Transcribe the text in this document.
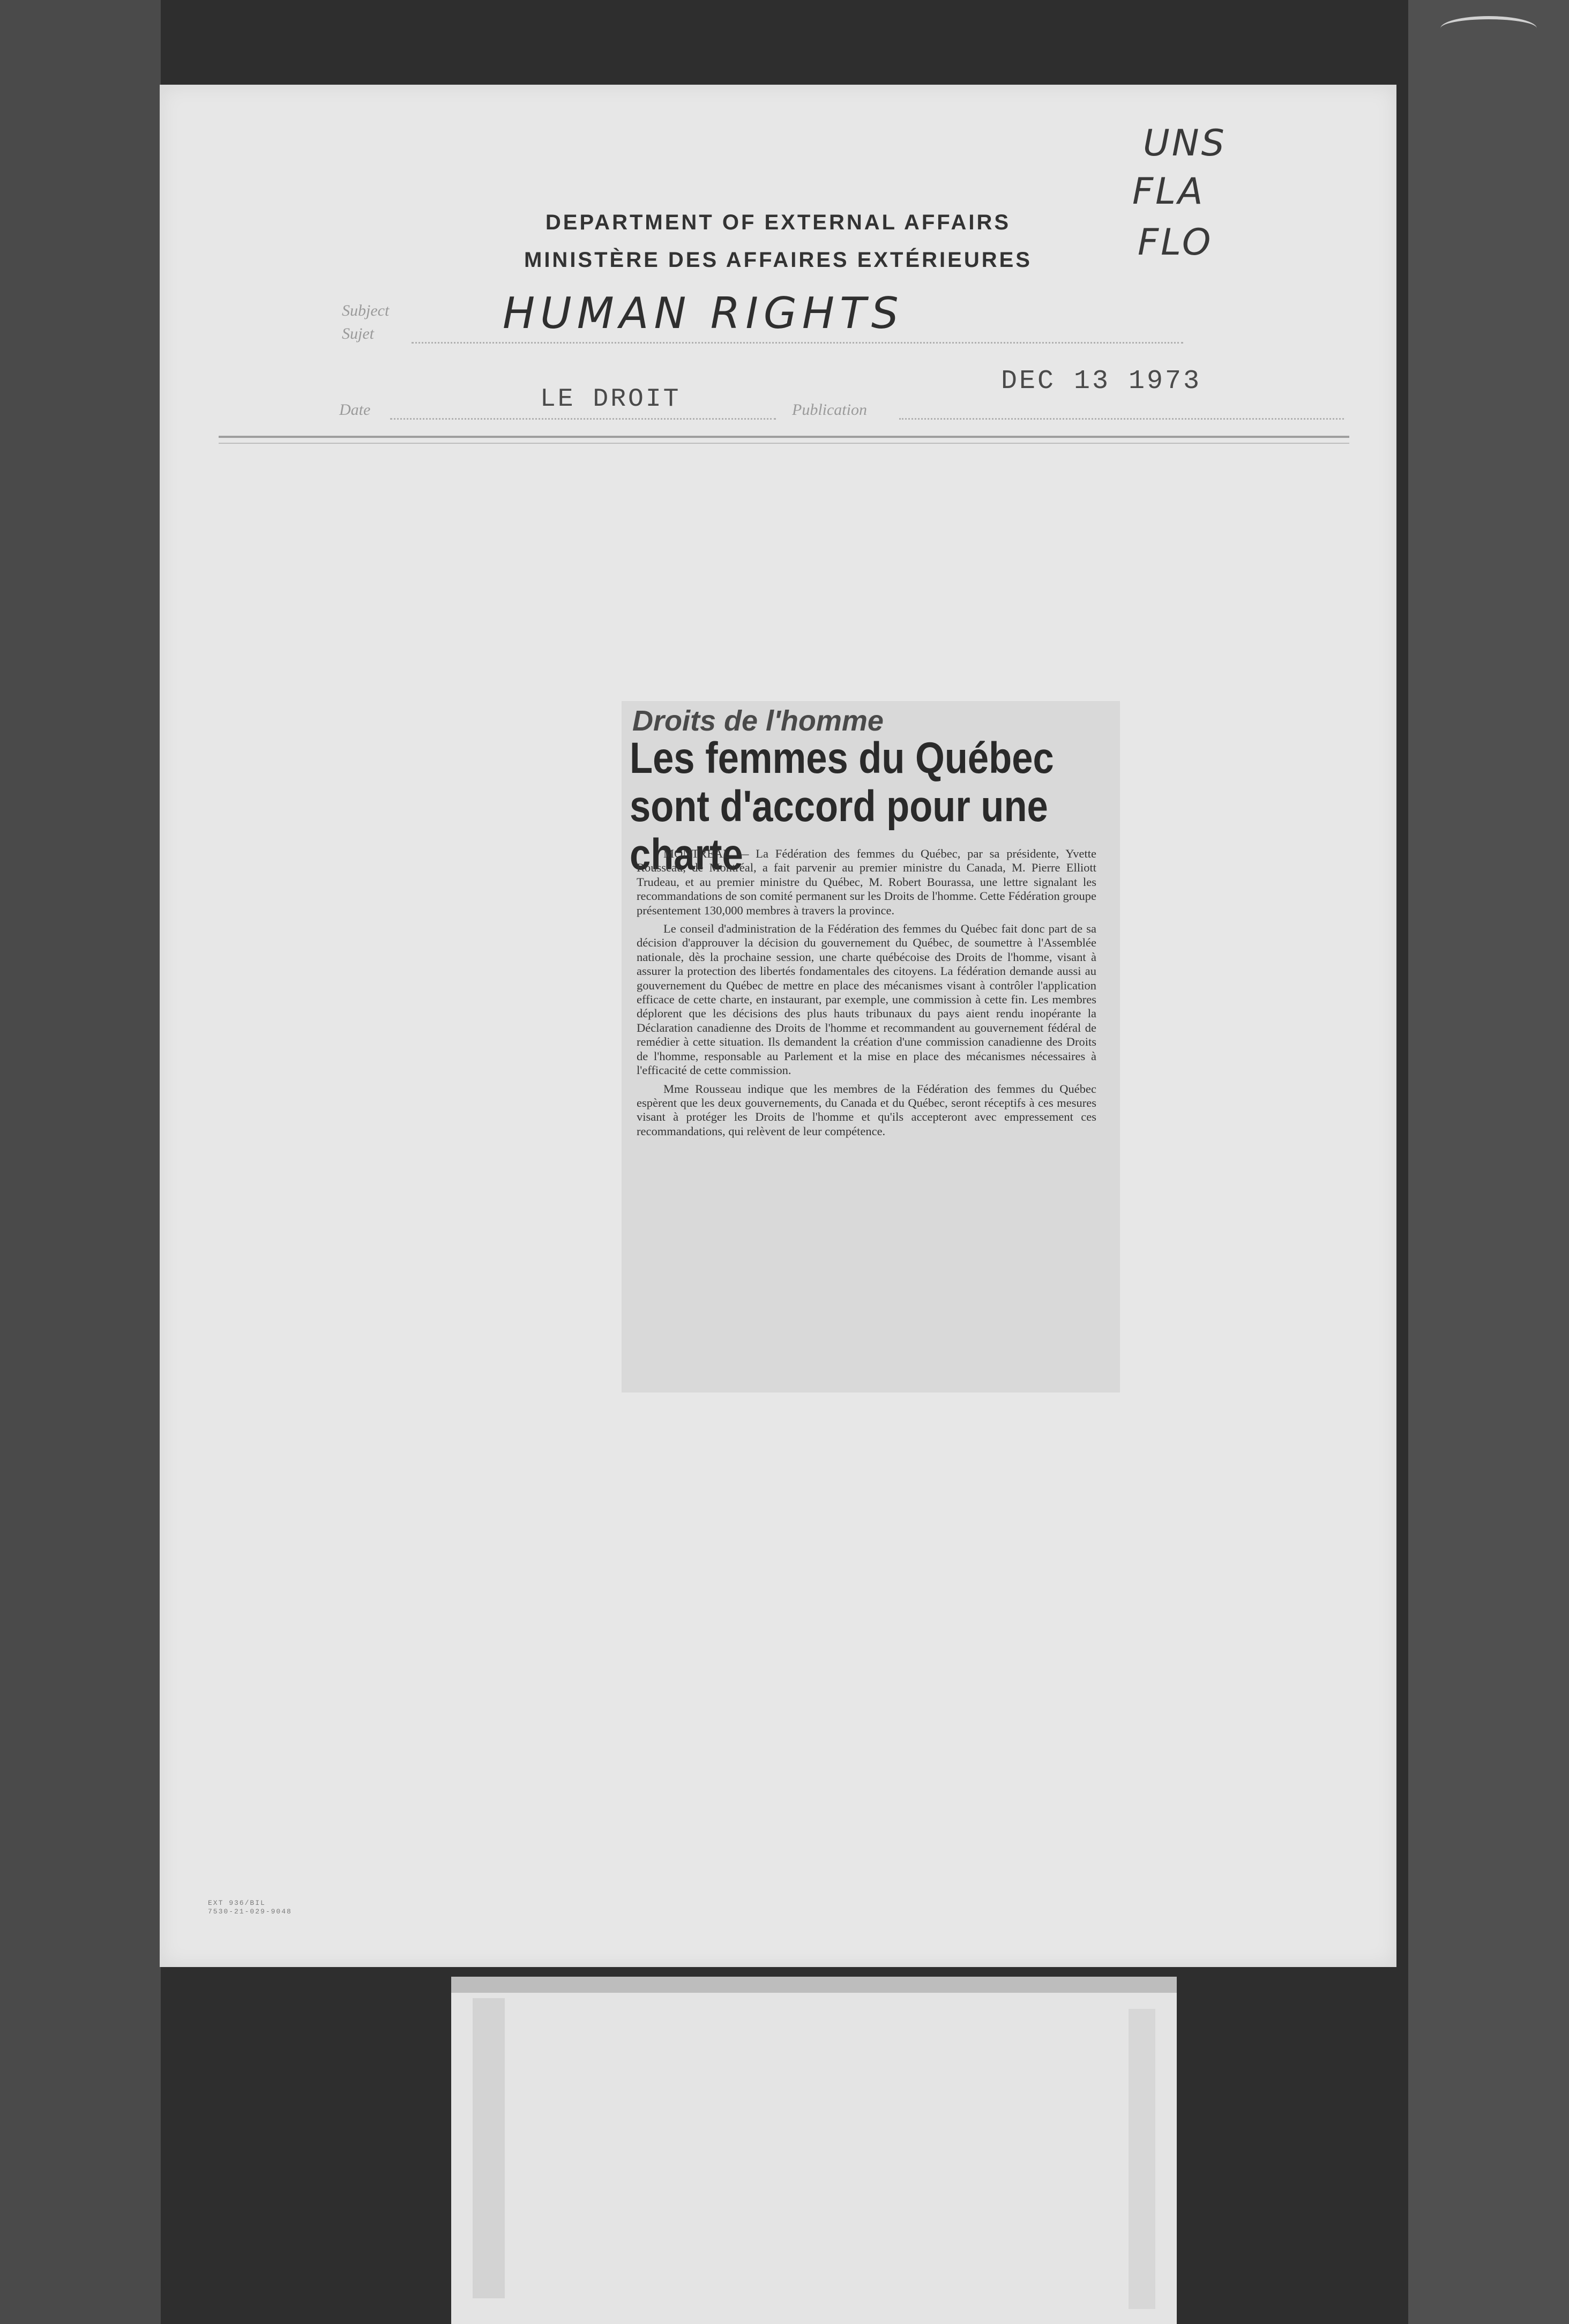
UNS
FLA
FLO
DEPARTMENT OF EXTERNAL AFFAIRS
MINISTÈRE DES AFFAIRES EXTÉRIEURES
Subject
Sujet	HUMAN RIGHTS
Date	LE DROIT	Publication
DEC 13 1973
Droits de l'homme
Les femmes du Québec sont d'accord pour une charte

MONTREAL — La Fédération des femmes du Québec, par sa présidente, Yvette Rousseau, de Montréal, a fait parvenir au premier ministre du Canada, M. Pierre Elliott Trudeau, et au premier ministre du Québec, M. Robert Bourassa, une lettre signalant les recommandations de son comité permanent sur les Droits de l'homme. Cette Fédération groupe présentement 130,000 membres à travers la province.

Le conseil d'administration de la Fédération des femmes du Québec fait donc part de sa décision d'approuver la décision du gouvernement du Québec, de soumettre à l'Assemblée nationale, dès la prochaine session, une charte québécoise des Droits de l'homme, visant à assurer la protection des libertés fondamentales des citoyens. La fédération demande aussi au gouvernement du Québec de mettre en place des mécanismes visant à contrôler l'application efficace de cette charte, en instaurant, par exemple, une commission à cette fin. Les membres déplorent que les décisions des plus hauts tribunaux du pays aient rendu inopérante la Déclaration canadienne des Droits de l'homme et recommandent au gouvernement fédéral de remédier à cette situation. Ils demandent la création d'une commission canadienne des Droits de l'homme, responsable au Parlement et la mise en place des mécanismes nécessaires à l'efficacité de cette commission.

Mme Rousseau indique que les membres de la Fédération des femmes du Québec espèrent que les deux gouvernements, du Canada et du Québec, seront réceptifs à ces mesures visant à protéger les Droits de l'homme et qu'ils accepteront avec empressement ces recommandations, qui relèvent de leur compétence.

EXT 936/BIL
7530-21-029-9048
